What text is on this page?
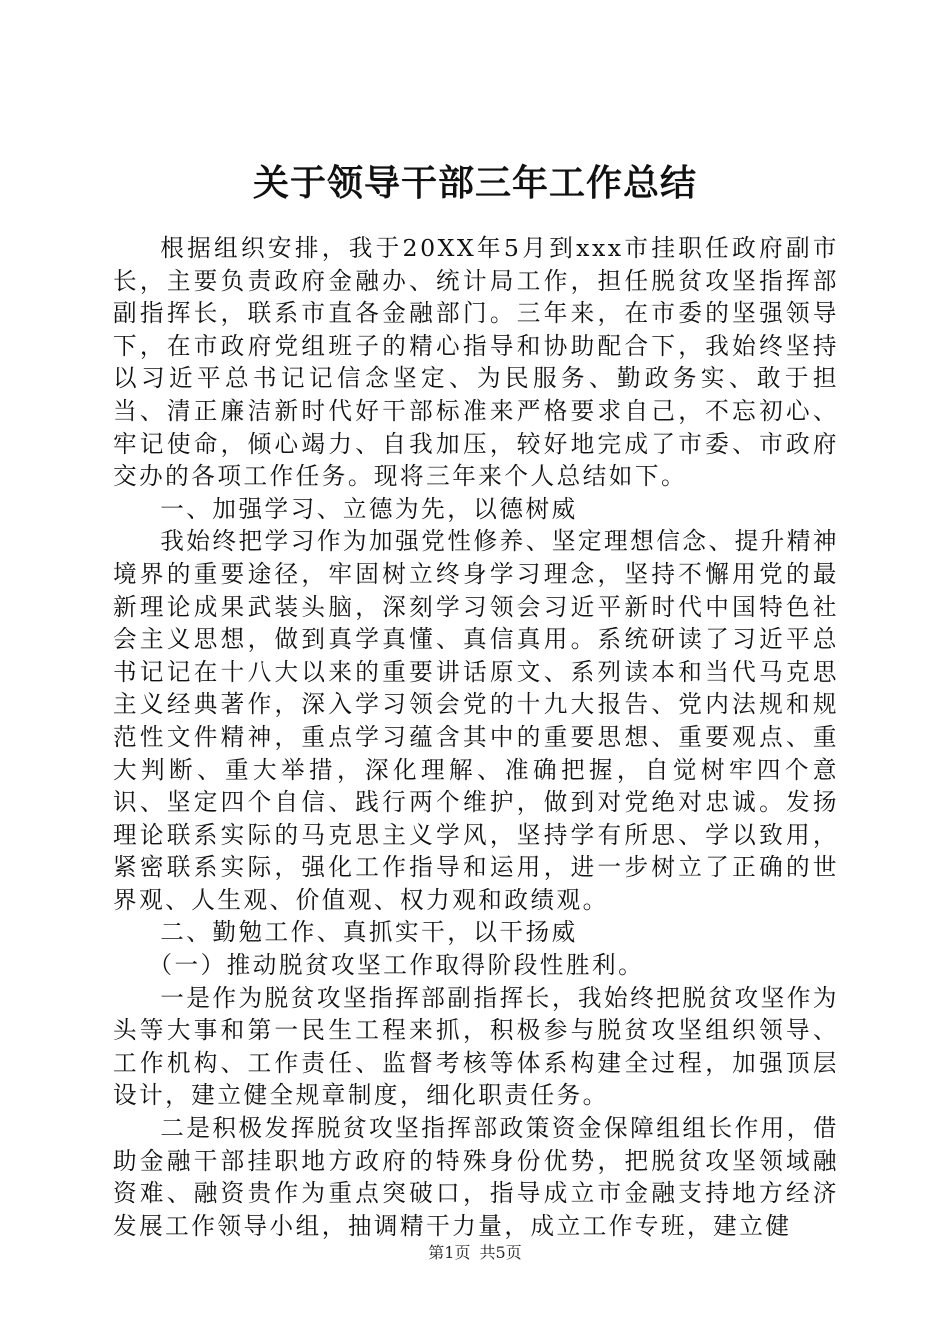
关于领导干部三年工作总结

根据组织安排，我于20XX年5月到xxx市挂职任政府副市长，主要负责政府金融办、统计局工作，担任脱贫攻坚指挥部副指挥长，联系市直各金融部门。三年来，在市委的坚强领导下，在市政府党组班子的精心指导和协助配合下，我始终坚持以习近平总书记记信念坚定、为民服务、勤政务实、敢于担当、清正廉洁新时代好干部标准来严格要求自己，不忘初心、牢记使命，倾心竭力、自我加压，较好地完成了市委、市政府交办的各项工作任务。现将三年来个人总结如下。

一、加强学习、立德为先，以德树威

我始终把学习作为加强党性修养、坚定理想信念、提升精神境界的重要途径，牢固树立终身学习理念，坚持不懈用党的最新理论成果武装头脑，深刻学习领会习近平新时代中国特色社会主义思想，做到真学真懂、真信真用。系统研读了习近平总书记记在十八大以来的重要讲话原文、系列读本和当代马克思主义经典著作，深入学习领会党的十九大报告、党内法规和规范性文件精神，重点学习蕴含其中的重要思想、重要观点、重大判断、重大举措，深化理解、准确把握，自觉树牢四个意识、坚定四个自信、践行两个维护，做到对党绝对忠诚。发扬理论联系实际的马克思主义学风，坚持学有所思、学以致用，紧密联系实际，强化工作指导和运用，进一步树立了正确的世界观、人生观、价值观、权力观和政绩观。

二、勤勉工作、真抓实干，以干扬威

（一）推动脱贫攻坚工作取得阶段性胜利。

一是作为脱贫攻坚指挥部副指挥长，我始终把脱贫攻坚作为头等大事和第一民生工程来抓，积极参与脱贫攻坚组织领导、工作机构、工作责任、监督考核等体系构建全过程，加强顶层设计，建立健全规章制度，细化职责任务。

二是积极发挥脱贫攻坚指挥部政策资金保障组组长作用，借助金融干部挂职地方政府的特殊身份优势，把脱贫攻坚领域融资难、融资贵作为重点突破口，指导成立市金融支持地方经济发展工作领导小组，抽调精干力量，成立工作专班，建立健

第1页 共5页
